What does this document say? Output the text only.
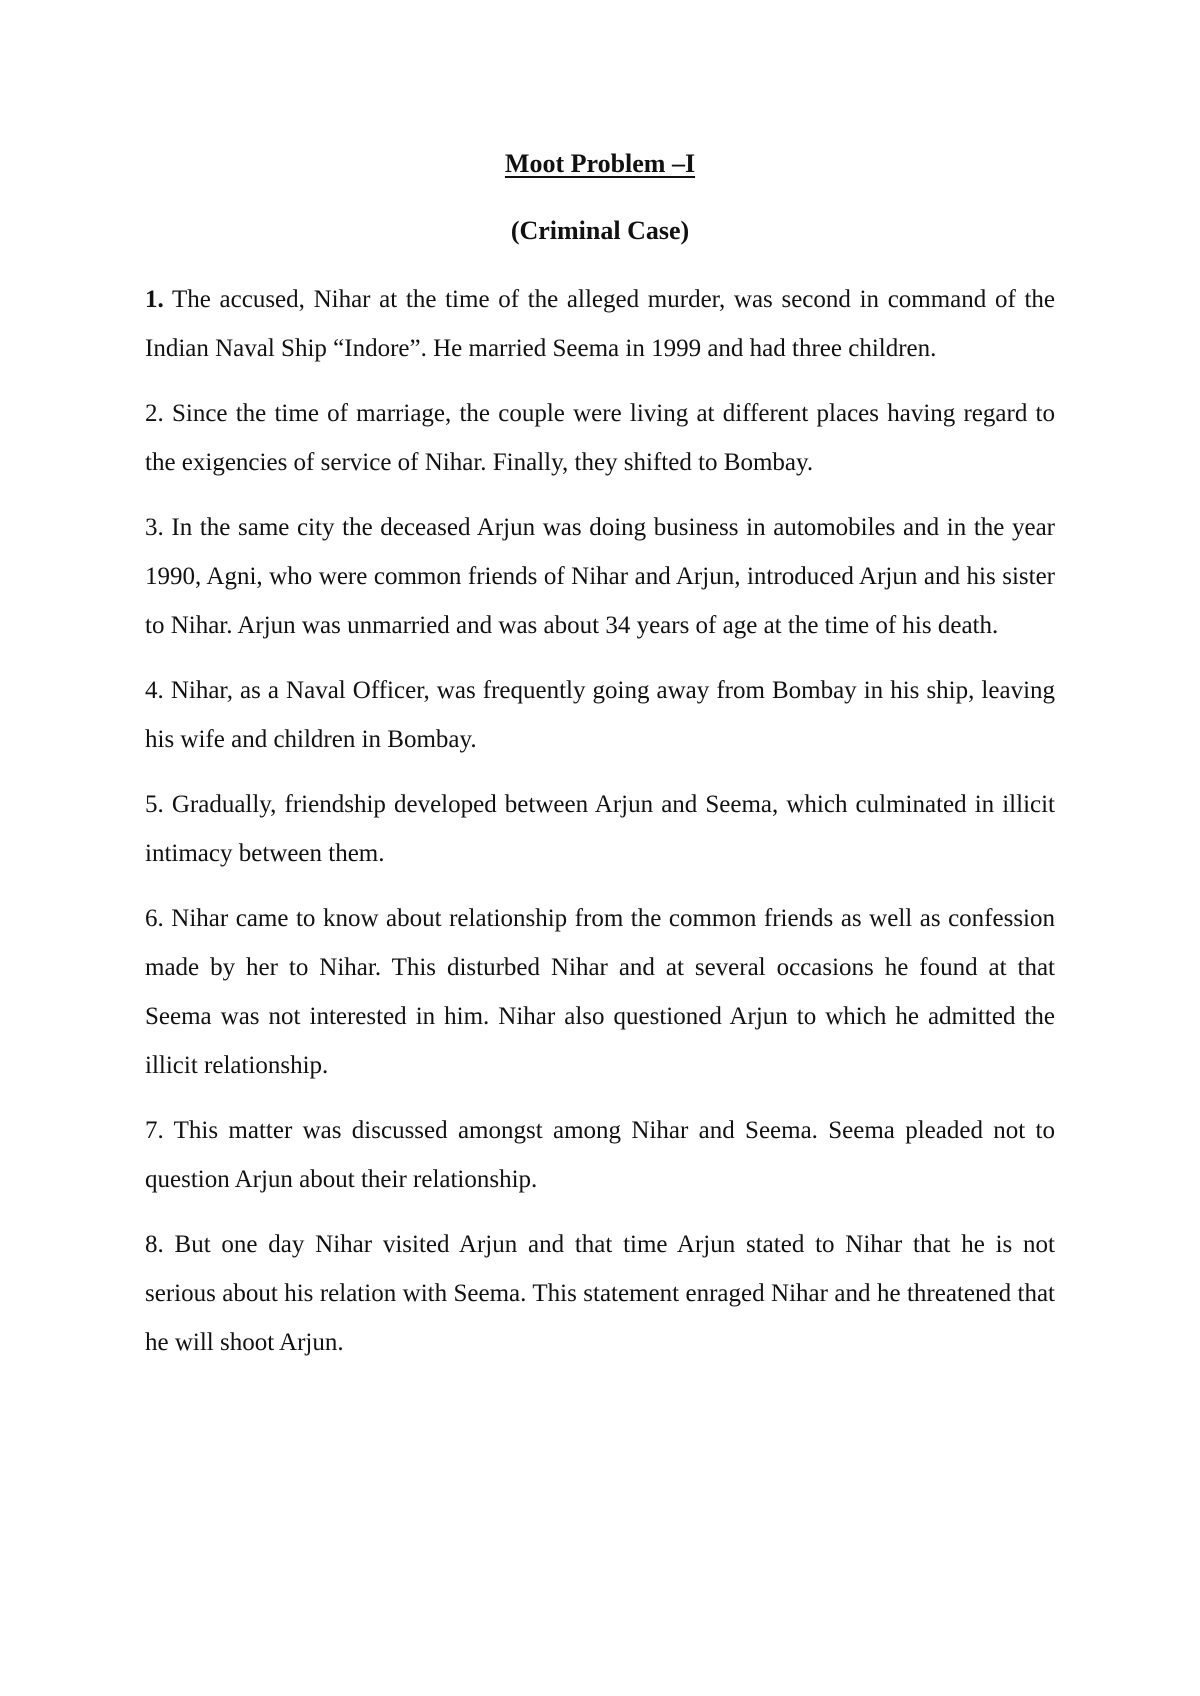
Moot Problem –I
(Criminal Case)

1. The accused, Nihar at the time of the alleged murder, was second in command of the Indian Naval Ship “Indore”. He married Seema in 1999 and had three children.

2. Since the time of marriage, the couple were living at different places having regard to the exigencies of service of Nihar. Finally, they shifted to Bombay.

3. In the same city the deceased Arjun was doing business in automobiles and in the year 1990, Agni, who were common friends of Nihar and Arjun, introduced Arjun and his sister to Nihar. Arjun was unmarried and was about 34 years of age at the time of his death.

4. Nihar, as a Naval Officer, was frequently going away from Bombay in his ship, leaving his wife and children in Bombay.

5. Gradually, friendship developed between Arjun and Seema, which culminated in illicit intimacy between them.

6. Nihar came to know about relationship from the common friends as well as confession made by her to Nihar. This disturbed Nihar and at several occasions he found at that Seema was not interested in him. Nihar also questioned Arjun to which he admitted the illicit relationship.

7. This matter was discussed amongst among Nihar and Seema. Seema pleaded not to question Arjun about their relationship.

8. But one day Nihar visited Arjun and that time Arjun stated to Nihar that he is not serious about his relation with Seema. This statement enraged Nihar and he threatened that he will shoot Arjun.
